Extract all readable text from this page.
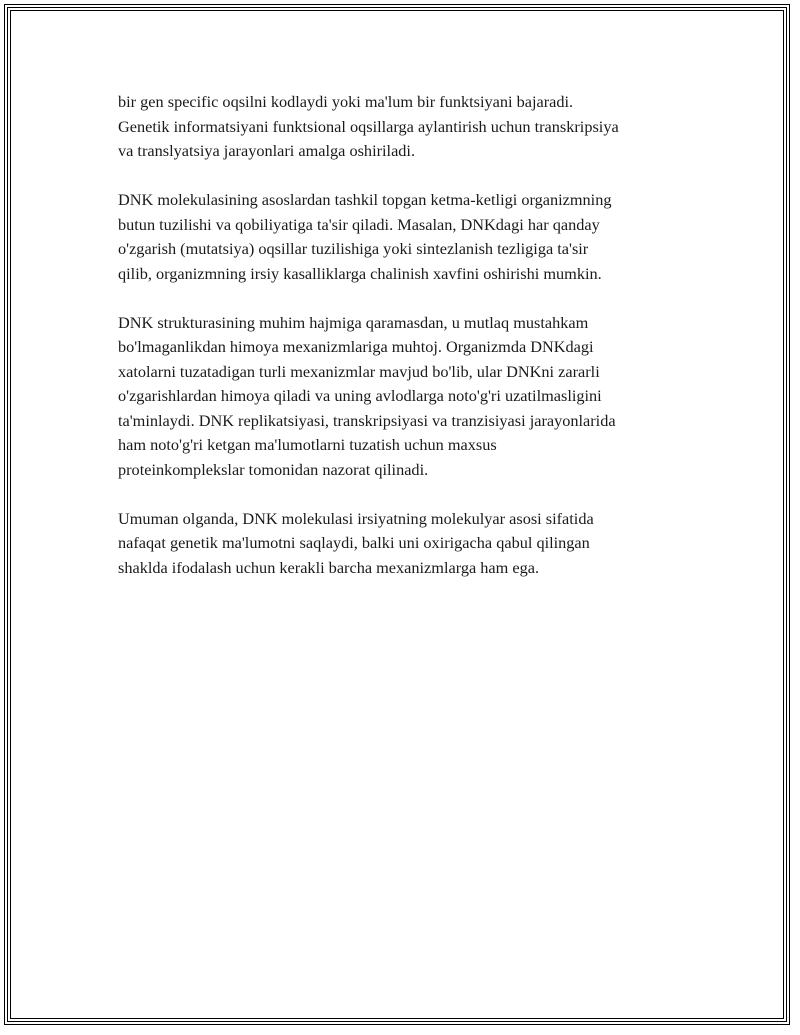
bir gen specific oqsilni kodlaydi yoki ma'lum bir funktsiyani bajaradi.
Genetik informatsiyani funktsional oqsillarga aylantirish uchun transkripsiya
va translyatsiya jarayonlari amalga oshiriladi.

DNK molekulasining asoslardan tashkil topgan ketma-ketligi organizmning
butun tuzilishi va qobiliyatiga ta'sir qiladi. Masalan, DNKdagi har qanday
o'zgarish (mutatsiya) oqsillar tuzilishiga yoki sintezlanish tezligiga ta'sir
qilib, organizmning irsiy kasalliklarga chalinish xavfini oshirishi mumkin.

DNK strukturasining muhim hajmiga qaramasdan, u mutlaq mustahkam
bo'lmaganlikdan himoya mexanizmlariga muhtoj. Organizmda DNKdagi
xatolarni tuzatadigan turli mexanizmlar mavjud bo'lib, ular DNKni zararli
o'zgarishlardan himoya qiladi va uning avlodlarga noto'g'ri uzatilmasligini
ta'minlaydi. DNK replikatsiyasi, transkripsiyasi va tranzisiyasi jarayonlarida
ham noto'g'ri ketgan ma'lumotlarni tuzatish uchun maxsus
proteinkomplekslar tomonidan nazorat qilinadi.

Umuman olganda, DNK molekulasi irsiyatning molekulyar asosi sifatida
nafaqat genetik ma'lumotni saqlaydi, balki uni oxirigacha qabul qilingan
shaklda ifodalash uchun kerakli barcha mexanizmlarga ham ega.
